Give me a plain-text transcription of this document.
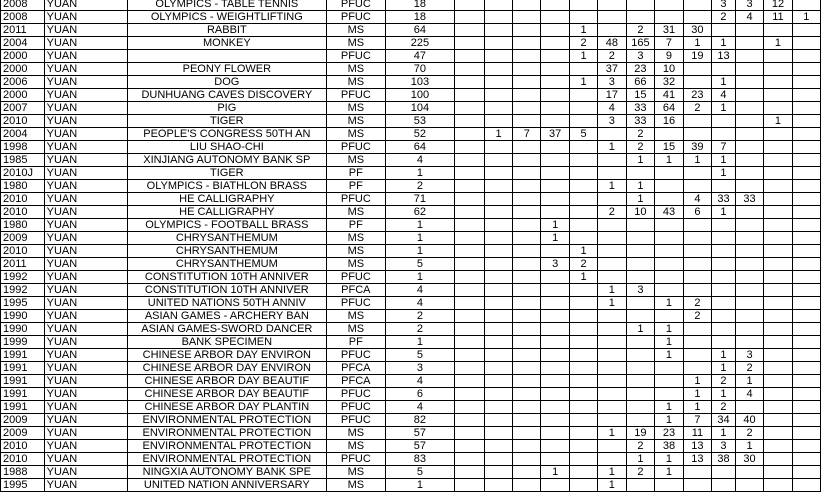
2008	YUAN	OLYMPICS - TABLE TENNIS	PFUC	18										3	3	12	
2008	YUAN	OLYMPICS - WEIGHTLIFTING	PFUC	18										2	4	11	1
2011	YUAN	RABBIT	MS	64					1		2	31	30				
2004	YUAN	MONKEY	MS	225					2	48	165	7	1	1		1	
2000	YUAN		PFUC	47					1	2	3	9	19	13			
2000	YUAN	PEONY FLOWER	MS	70						37	23	10					
2006	YUAN	DOG	MS	103					1	3	66	32		1			
2000	YUAN	DUNHUANG CAVES DISCOVERY	PFUC	100						17	15	41	23	4			
2007	YUAN	PIG	MS	104						4	33	64	2	1			
2010	YUAN	TIGER	MS	53						3	33	16				1	
2004	YUAN	PEOPLE'S CONGRESS 50TH AN	MS	52		1	7	37	5		2						
1998	YUAN	LIU SHAO-CHI	PFUC	64						1	2	15	39	7			
1985	YUAN	XINJIANG AUTONOMY BANK SP	MS	4							1	1	1	1			
2010J	YUAN	TIGER	PF	1										1			
1980	YUAN	OLYMPICS - BIATHLON BRASS	PF	2						1	1						
2010	YUAN	HE CALLIGRAPHY	PFUC	71							1		4	33	33		
2010	YUAN	HE CALLIGRAPHY	MS	62						2	10	43	6	1			
1980	YUAN	OLYMPICS - FOOTBALL BRASS	PF	1				1									
2009	YUAN	CHRYSANTHEMUM	MS	1				1									
2010	YUAN	CHRYSANTHEMUM	MS	1					1								
2011	YUAN	CHRYSANTHEMUM	MS	5				3	2								
1992	YUAN	CONSTITUTION 10TH ANNIVER	PFUC	1					1								
1992	YUAN	CONSTITUTION 10TH ANNIVER	PFCA	4						1	3						
1995	YUAN	UNITED NATIONS 50TH ANNIV	PFUC	4						1		1	2				
1990	YUAN	ASIAN GAMES - ARCHERY BAN	MS	2									2				
1990	YUAN	ASIAN GAMES-SWORD DANCER	MS	2							1	1					
1999	YUAN	BANK SPECIMEN	PF	1								1					
1991	YUAN	CHINESE ARBOR DAY ENVIRON	PFUC	5								1		1	3		
1991	YUAN	CHINESE ARBOR DAY ENVIRON	PFCA	3										1	2		
1991	YUAN	CHINESE ARBOR DAY BEAUTIF	PFCA	4									1	2	1		
1991	YUAN	CHINESE ARBOR DAY BEAUTIF	PFUC	6									1	1	4		
1991	YUAN	CHINESE ARBOR DAY PLANTIN	PFUC	4								1	1	2			
2009	YUAN	ENVIRONMENTAL PROTECTION	PFUC	82								1	7	34	40		
2009	YUAN	ENVIRONMENTAL PROTECTION	MS	57						1	19	23	11	1	2		
2010	YUAN	ENVIRONMENTAL PROTECTION	MS	57							2	38	13	3	1		
2010	YUAN	ENVIRONMENTAL PROTECTION	PFUC	83							1	1	13	38	30		
1988	YUAN	NINGXIA AUTONOMY BANK SPE	MS	5				1		1	2	1					
1995	YUAN	UNITED NATION ANNIVERSARY	MS	1						1							
